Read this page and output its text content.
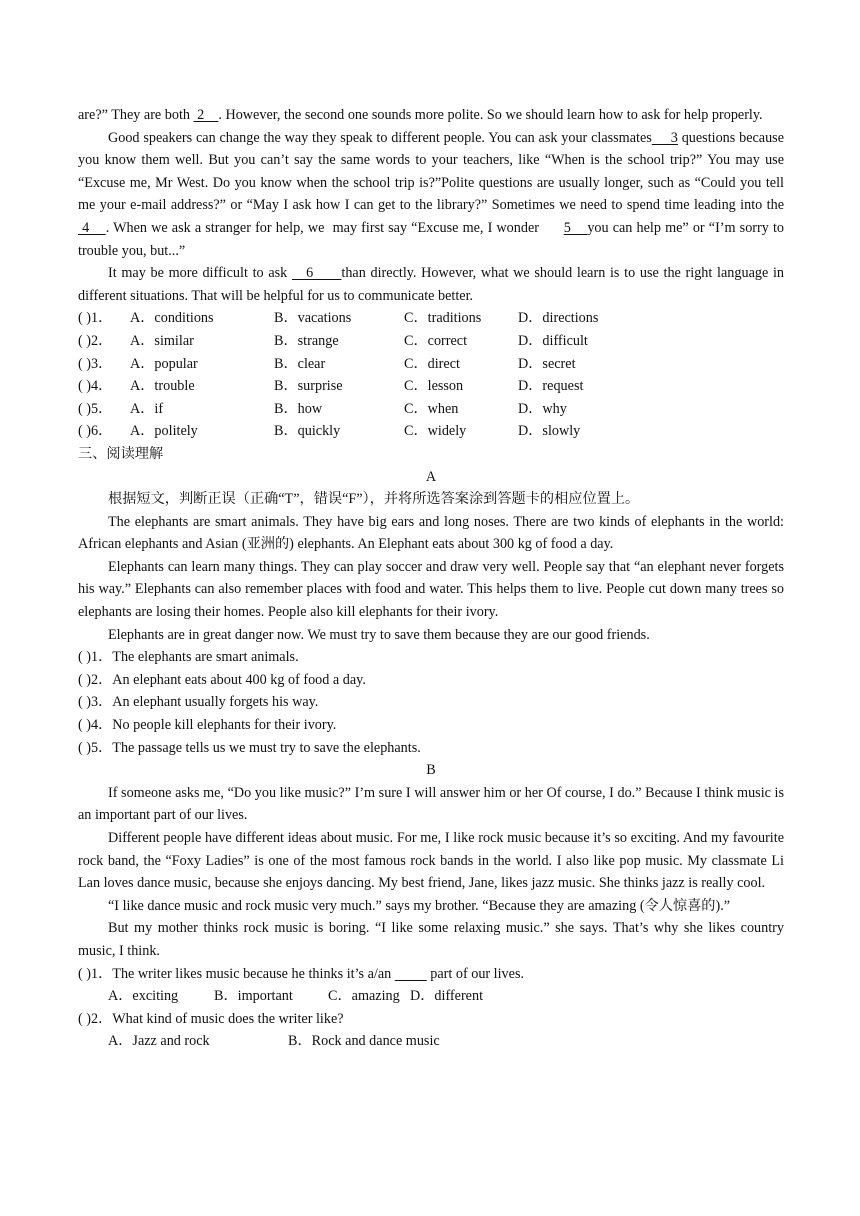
are?” They are both  2    . However, the second one sounds more polite. So we should learn how to ask for help properly.

Good speakers can change the way they speak to different people. You can ask your classmates     3 questions because you know them well. But you can’t say the same words to your teachers, like “When is the school trip?” You may use “Excuse me, Mr West. Do you know when the school trip is?”Polite questions are usually longer, such as “Could you tell me your e-mail address?” or “May I ask how I can get to the library?” Sometimes we need to spend time leading into the  4    . When we ask a stranger for help, we  may first say “Excuse me, I wonder      5    you can help me” or “I’m sorry to trouble you, but...”

It may be more difficult to ask    6      than directly. However, what we should learn is to use the right language in different situations. That will be helpful for us to communicate better.

( )1． A．conditions	B．vacations	C．traditions	D．directions
( )2． A．similar	B．strange	C．correct	D．difficult
( )3． A．popular	B．clear	C．direct	D．secret
( )4． A．trouble	B．surprise	C．lesson	D．request
( )5． A．if	B．how	C．when	D．why
( )6． A．politely	B．quickly	C．widely	D．slowly
三、阅读理解
A

根据短文，判断正误（正确“T”，错误“F”），并将所选答案涂到答题卡的相应位置上。

The elephants are smart animals. They have big ears and long noses. There are two kinds of elephants in the world: African elephants and Asian (亚洲的) elephants. An Elephant eats about 300 kg of food a day.

Elephants can learn many things. They can play soccer and draw very well. People say that “an elephant never forgets his way.” Elephants can also remember places with food and water. This helps them to live. People cut down many trees so elephants are losing their homes. People also kill elephants for their ivory.

Elephants are in great danger now. We must try to save them because they are our good friends.

( )1．The elephants are smart animals.
( )2．An elephant eats about 400 kg of food a day.
( )3．An elephant usually forgets his way.
( )4．No people kill elephants for their ivory.
( )5．The passage tells us we must try to save the elephants.
B

If someone asks me, “Do you like music?” I’m sure I will answer him or her Of course, I do.” Because I think music is an important part of our lives.

Different people have different ideas about music. For me, I like rock music because it’s so exciting. And my favourite rock band, the “Foxy Ladies” is one of the most famous rock bands in the world. I also like pop music. My classmate Li Lan loves dance music, because she enjoys dancing. My best friend, Jane, likes jazz music. She thinks jazz is really cool.

“I like dance music and rock music very much.” says my brother. “Because they are amazing (令人惊喜的).”

But my mother thinks rock music is boring. “I like some relaxing music.” she says. That’s why she likes country music, I think.

( )1．The writer likes music because he thinks it’s a/an           part of our lives.
A．exciting	B．important C．amazing D．different
( )2．What kind of music does the writer like?
A．Jazz and rock	B．Rock and dance music
